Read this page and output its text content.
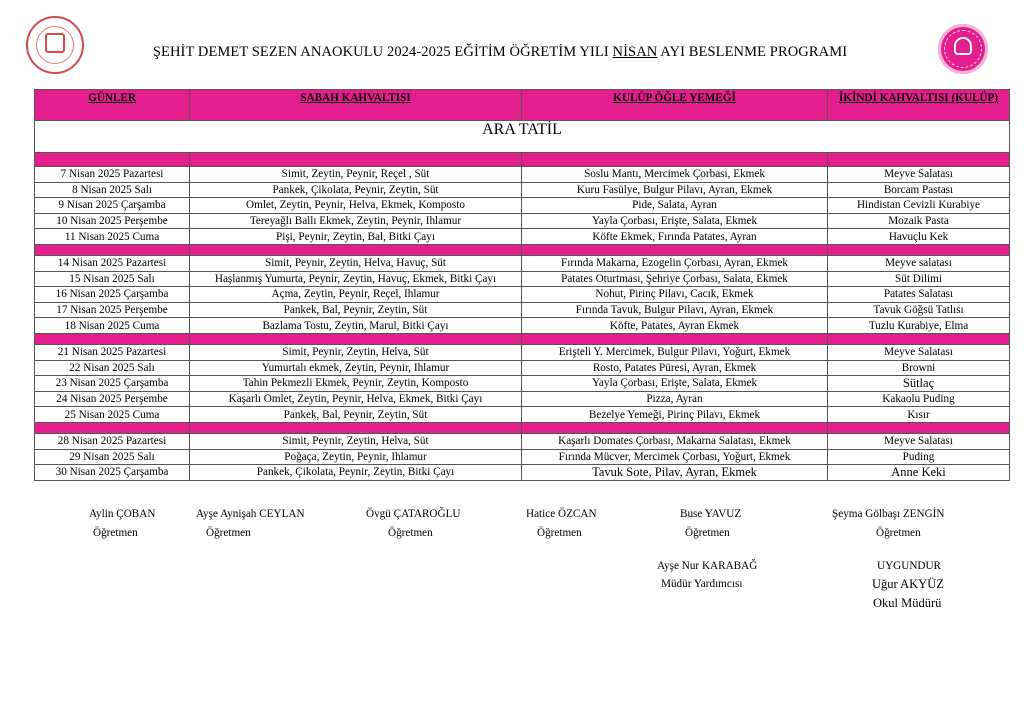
ŞEHİT DEMET SEZEN ANAOKULU 2024-2025 EĞİTİM ÖĞRETİM YILI NİSAN AYI BESLENME PROGRAMI
GÜNLER	SABAH KAHVALTISI	KULÜP ÖĞLE YEMEĞİ	İKİNDİ KAHVALTISI (KULÜP)
ARA TATİL			

7 Nisan 2025 Pazartesi	Simit, Zeytin, Peynir, Reçel , Süt	Soslu Mantı, Mercimek Çorbası, Ekmek	Meyve Salatası
8 Nisan 2025 Salı	Pankek, Çikolata, Peynir, Zeytin, Süt	Kuru Fasülye, Bulgur Pilavı, Ayran, Ekmek	Borcam Pastası
9 Nisan 2025 Çarşamba	Omlet, Zeytin, Peynir, Helva, Ekmek, Komposto	Pide, Salata, Ayran	Hindistan Cevizli Kurabiye
10 Nisan 2025 Perşembe	Tereyağlı Ballı Ekmek, Zeytin, Peynir, Ihlamur	Yayla Çorbası, Erişte, Salata, Ekmek	Mozaik Pasta
11 Nisan 2025 Cuma	Pişi, Peynir, Zeytin, Bal, Bitki Çayı	Köfte Ekmek, Fırında Patates, Ayran	Havuçlu Kek

14 Nisan 2025 Pazartesi	Simit, Peynir, Zeytin, Helva, Havuç, Süt	Fırında Makarna, Ezogelin Çorbası, Ayran, Ekmek	Meyve salatası
15 Nisan 2025 Salı	Haşlanmış Yumurta, Peynir, Zeytin, Havuç, Ekmek, Bitki Çayı	Patates Oturtması, Şehriye Çorbası, Salata, Ekmek	Süt Dilimi
16 Nisan 2025 Çarşamba	Açma, Zeytin, Peynir, Reçel, Ihlamur	Nohut, Pirinç Pilavı, Cacık, Ekmek	Patates Salatası
17 Nisan 2025 Perşembe	Pankek, Bal, Peynir, Zeytin, Süt	Fırında Tavuk, Bulgur Pilavı, Ayran, Ekmek	Tavuk Göğsü Tatlısı
18 Nisan 2025 Cuma	Bazlama Tostu, Zeytin, Marul, Bitki Çayı	Köfte, Patates, Ayran Ekmek	Tuzlu Kurabiye, Elma

21 Nisan 2025 Pazartesi	Simit, Peynir, Zeytin, Helva, Süt	Erişteli Y. Mercimek, Bulgur Pilavı, Yoğurt, Ekmek	Meyve Salatası
22 Nisan 2025 Salı	Yumurtalı ekmek, Zeytin, Peynir, Ihlamur	Rosto, Patates Püresi, Ayran, Ekmek	Browni
23 Nisan 2025 Çarşamba	Tahin Pekmezli Ekmek, Peynir, Zeytin, Komposto	Yayla Çorbası, Erişte, Salata, Ekmek	Sütlaç
24 Nisan 2025 Perşembe	Kaşarlı Omlet, Zeytin, Peynir, Helva, Ekmek, Bitki Çayı	Pizza, Ayran	Kakaolu Puding
25 Nisan 2025 Cuma	Pankek, Bal, Peynir, Zeytin, Süt	Bezelye Yemeği, Pirinç Pilavı, Ekmek	Kısır

28 Nisan 2025 Pazartesi	Simit, Peynir, Zeytin, Helva, Süt	Kaşarlı Domates Çorbası, Makarna Salatası, Ekmek	Meyve Salatası
29 Nisan 2025 Salı	Poğaça, Zeytin, Peynir, Ihlamur	Fırında Mücver, Mercimek Çorbası, Yoğurt, Ekmek	Puding
30 Nisan 2025 Çarşamba	Pankek, Çikolata, Peynir, Zeytin, Bitki Çayı	Tavuk Sote, Pilav, Ayran, Ekmek	Anne Keki
Aylin ÇOBAN
Öğretmen
Ayşe Aynişah CEYLAN
Öğretmen
Övgü ÇATAROĞLU
Öğretmen
Hatice ÖZCAN
Öğretmen
Buse YAVUZ
Öğretmen
Şeyma Gölbaşı ZENGİN
Öğretmen
Ayşe Nur KARABAĞ
Müdür Yardımcısı
UYGUNDUR
Uğur AKYÜZ
Okul Müdürü
